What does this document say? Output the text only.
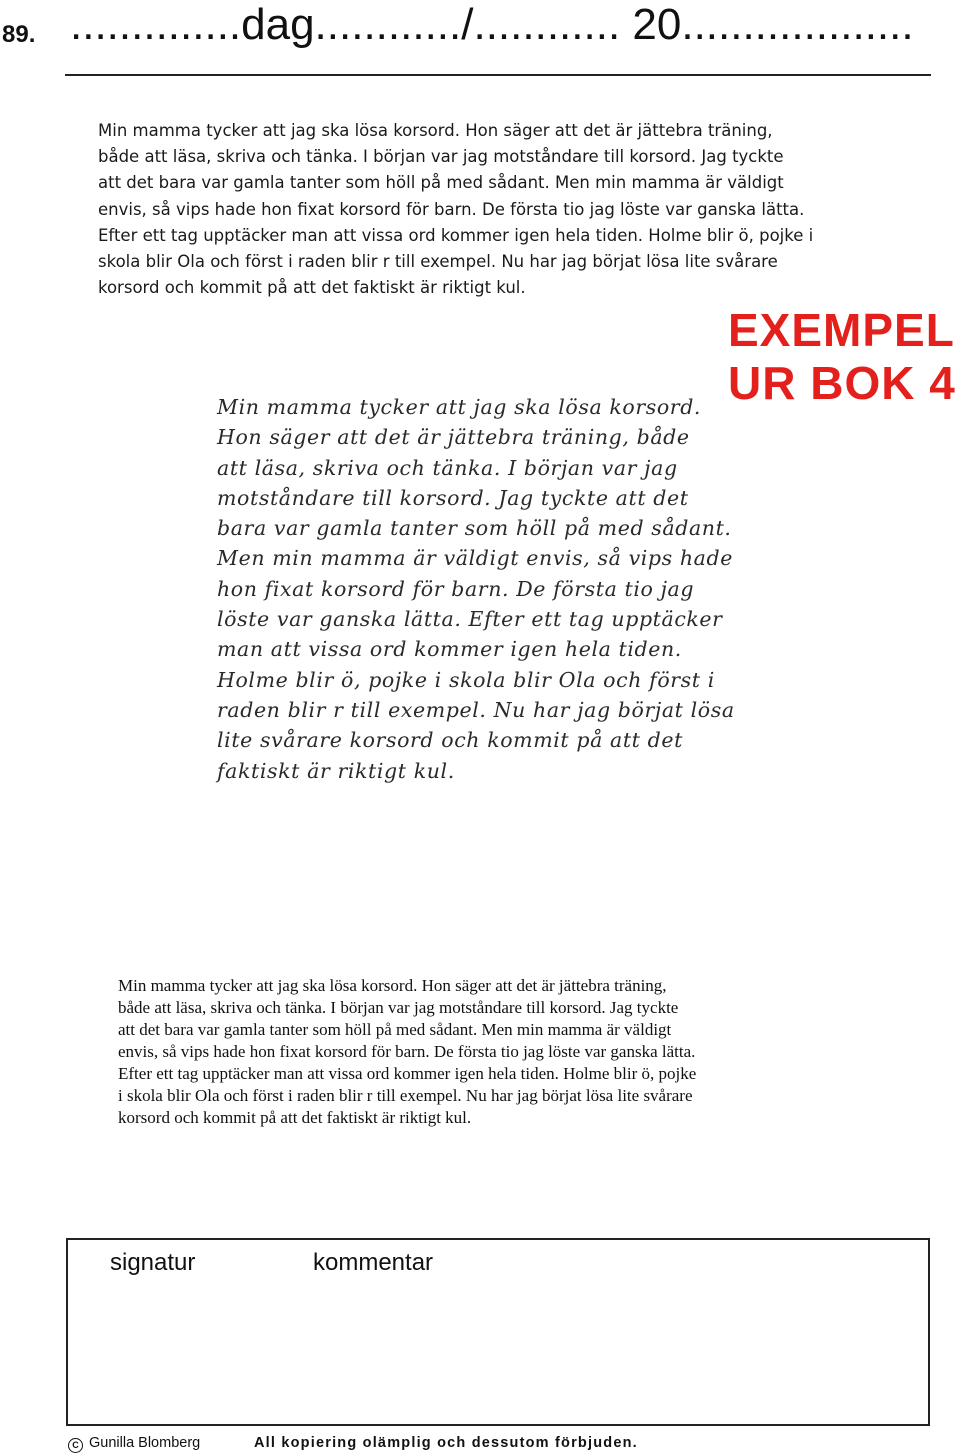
89. ..............dag............/............ 20...................
Min mamma tycker att jag ska lösa korsord. Hon säger att det är jättebra träning,
både att läsa, skriva och tänka. I början var jag motståndare till korsord. Jag tyckte
att det bara var gamla tanter som höll på med sådant. Men min mamma är väldigt
envis, så vips hade hon fixat korsord för barn. De första tio jag löste var ganska lätta.
Efter ett tag upptäcker man att vissa ord kommer igen hela tiden. Holme blir ö, pojke i
skola blir Ola och först i raden blir r till exempel. Nu har jag börjat lösa lite svårare
korsord och kommit på att det faktiskt är riktigt kul.
EXEMPEL
UR BOK 4
Min mamma tycker att jag ska lösa korsord.
Hon säger att det är jättebra träning, både
att läsa, skriva och tänka. I början var jag
motståndare till korsord. Jag tyckte att det
bara var gamla tanter som höll på med sådant.
Men min mamma är väldigt envis, så vips hade
hon fixat korsord för barn. De första tio jag
löste var ganska lätta. Efter ett tag upptäcker
man att vissa ord kommer igen hela tiden.
Holme blir ö, pojke i skola blir Ola och först i
raden blir r till exempel. Nu har jag börjat lösa
lite svårare korsord och kommit på att det
faktiskt är riktigt kul.
Min mamma tycker att jag ska lösa korsord. Hon säger att det är jättebra träning,
både att läsa, skriva och tänka. I början var jag motståndare till korsord. Jag tyckte
att det bara var gamla tanter som höll på med sådant. Men min mamma är väldigt
envis, så vips hade hon fixat korsord för barn. De första tio jag löste var ganska lätta.
Efter ett tag upptäcker man att vissa ord kommer igen hela tiden. Holme blir ö, pojke
i skola blir Ola och först i raden blir r till exempel. Nu har jag börjat lösa lite svårare
korsord och kommit på att det faktiskt är riktigt kul.
signatur	kommentar
C Gunilla Blomberg	All kopiering olämplig och dessutom förbjuden.
